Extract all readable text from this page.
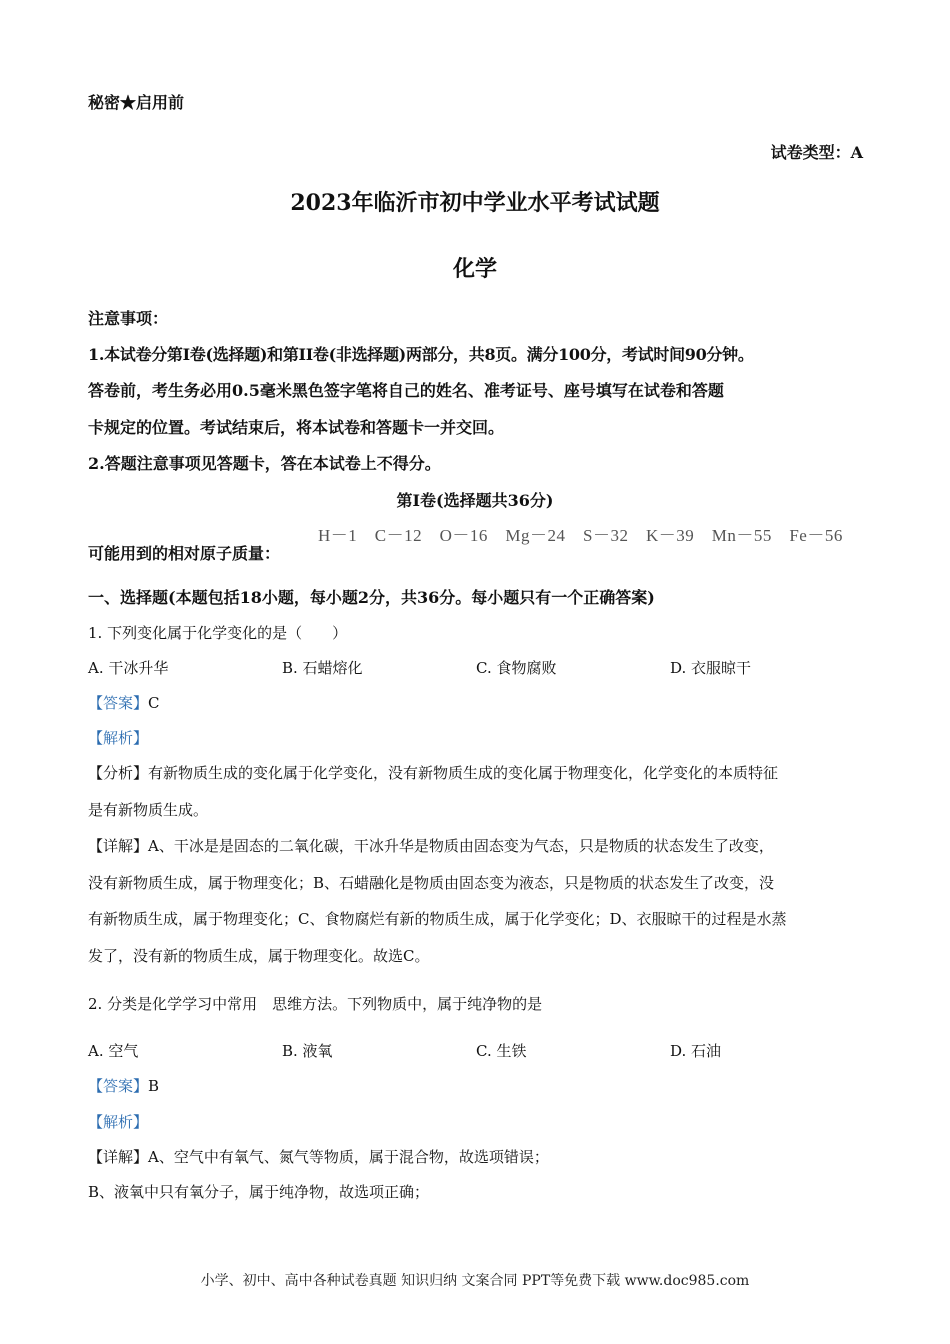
秘密★启用前
试卷类型：A
2023年临沂市初中学业水平考试试题
化学
注意事项：
1.本试卷分第I卷(选择题)和第II卷(非选择题)两部分，共8页。满分100分，考试时间90分钟。
答卷前，考生务必用0.5毫米黑色签字笔将自己的姓名、准考证号、座号填写在试卷和答题
卡规定的位置。考试结束后，将本试卷和答题卡一并交回。
2.答题注意事项见答题卡，答在本试卷上不得分。
第I卷(选择题共36分)
H－1　C－12　O－16　Mg－24　S－32　K－39　Mn－55　Fe－56
可能用到的相对原子质量：
一、选择题(本题包括18小题，每小题2分，共36分。每小题只有一个正确答案)
1. 下列变化属于化学变化的是（　　）
A. 干冰升华	B. 石蜡熔化	C. 食物腐败	D. 衣服晾干
【答案】C
【解析】
【分析】有新物质生成的变化属于化学变化，没有新物质生成的变化属于物理变化，化学变化的本质特征
是有新物质生成。
【详解】A、干冰是是固态的二氧化碳，干冰升华是物质由固态变为气态，只是物质的状态发生了改变，
没有新物质生成，属于物理变化；B、石蜡融化是物质由固态变为液态，只是物质的状态发生了改变，没
有新物质生成，属于物理变化；C、食物腐烂有新的物质生成，属于化学变化；D、衣服晾干的过程是水蒸
发了，没有新的物质生成，属于物理变化。故选C。
2. 分类是化学学习中常用　思维方法。下列物质中，属于纯净物的是
A. 空气	B. 液氧	C. 生铁	D. 石油
【答案】B
【解析】
【详解】A、空气中有氧气、氮气等物质，属于混合物，故选项错误；
B、液氧中只有氧分子，属于纯净物，故选项正确；
小学、初中、高中各种试卷真题 知识归纳 文案合同 PPT等免费下载 www.doc985.com
